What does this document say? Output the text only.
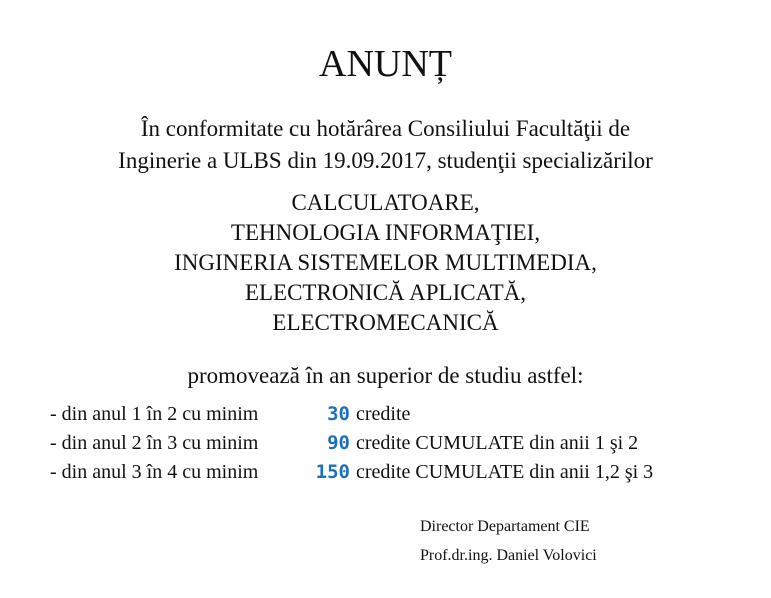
ANUNȚ
În conformitate cu hotărârea Consiliului Facultăţii de
Inginerie a ULBS din 19.09.2017, studenţii specializărilor
CALCULATOARE,
TEHNOLOGIA INFORMAŢIEI,
INGINERIA SISTEMELOR MULTIMEDIA,
ELECTRONICĂ APLICATĂ,
ELECTROMECANICĂ
promovează în an superior de studiu astfel:
- din anul 1 în 2 cu minim	30 credite
- din anul 2 în 3 cu minim	90 credite CUMULATE din anii 1 şi 2
- din anul 3 în 4 cu minim	150 credite CUMULATE din anii 1,2 şi 3
Director Departament CIE
Prof.dr.ing. Daniel Volovici
